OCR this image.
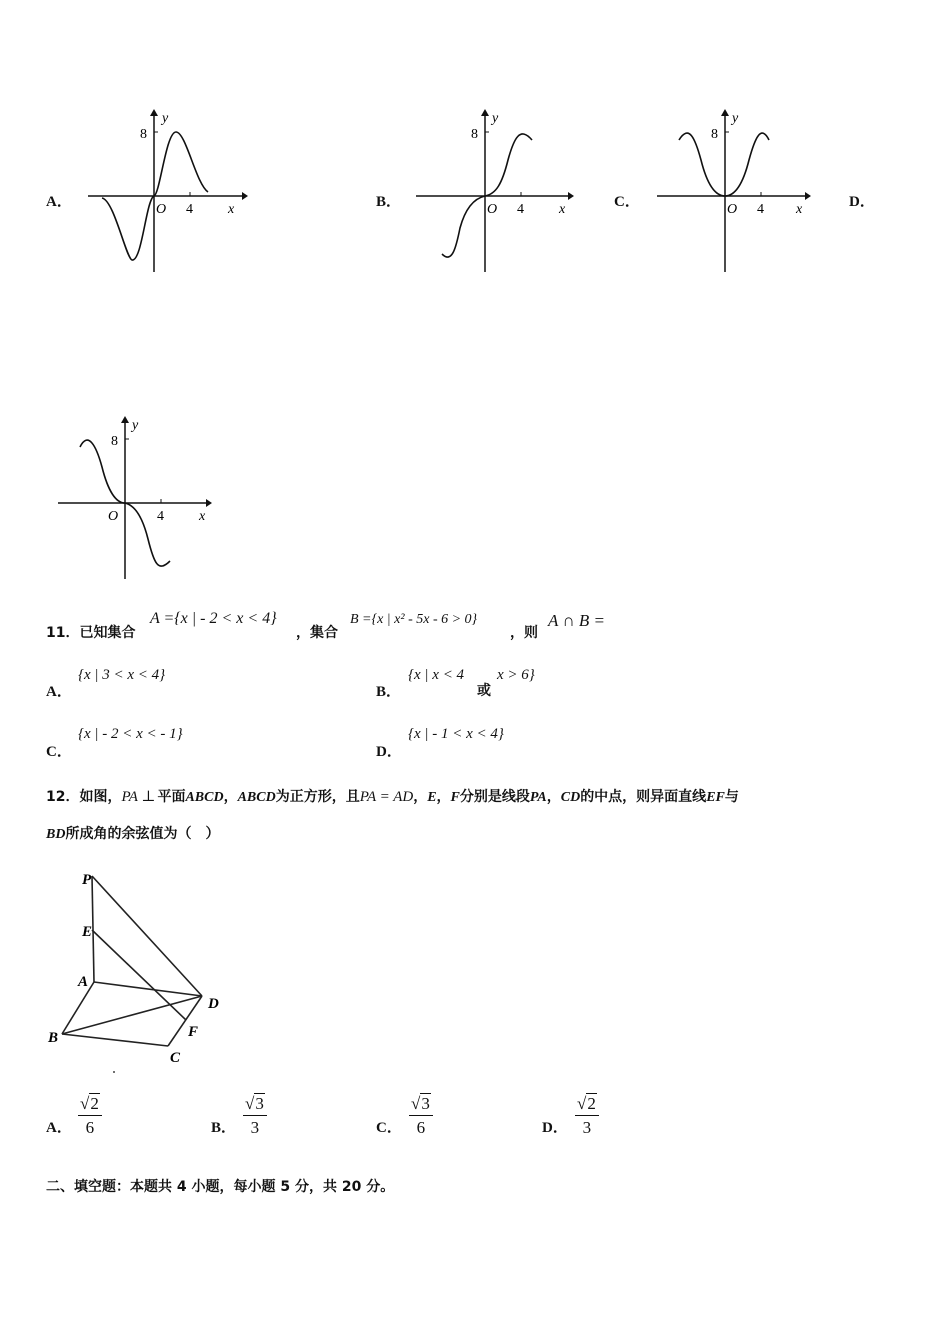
A．
y
8
O 4	x	B．
y
8
O 4	x	C．
y
8
O 4 x	D．
y
8
O	4	x
11．已知集合
A ={x | - 2 < x < 4}
，集合
B ={x | x² - 5x - 6 > 0}
，则
A ∩ B =
A．
{x | 3 < x < 4}
B．
{x | x < 4
或
x > 6}
C．
{x | - 2 < x < - 1}
D．
{x | - 1 < x < 4}
12． 如图， PA ⊥ 平面 ABCD ， ABCD 为正方形，且 PA = AD ， E ， F 分别是线段 PA ， CD 的中点，则异面直线 EF 与
BD所成角的余弦值为（　）
P
E
A
D
B	F
C
A． $\frac{√2}{6}$	B． $\frac{√3}{3}$	C． $\frac{√3}{6}$	D． $\frac{√2}{3}$
二、填空题：本题共 4 小题，每小题 5 分，共 20 分。
